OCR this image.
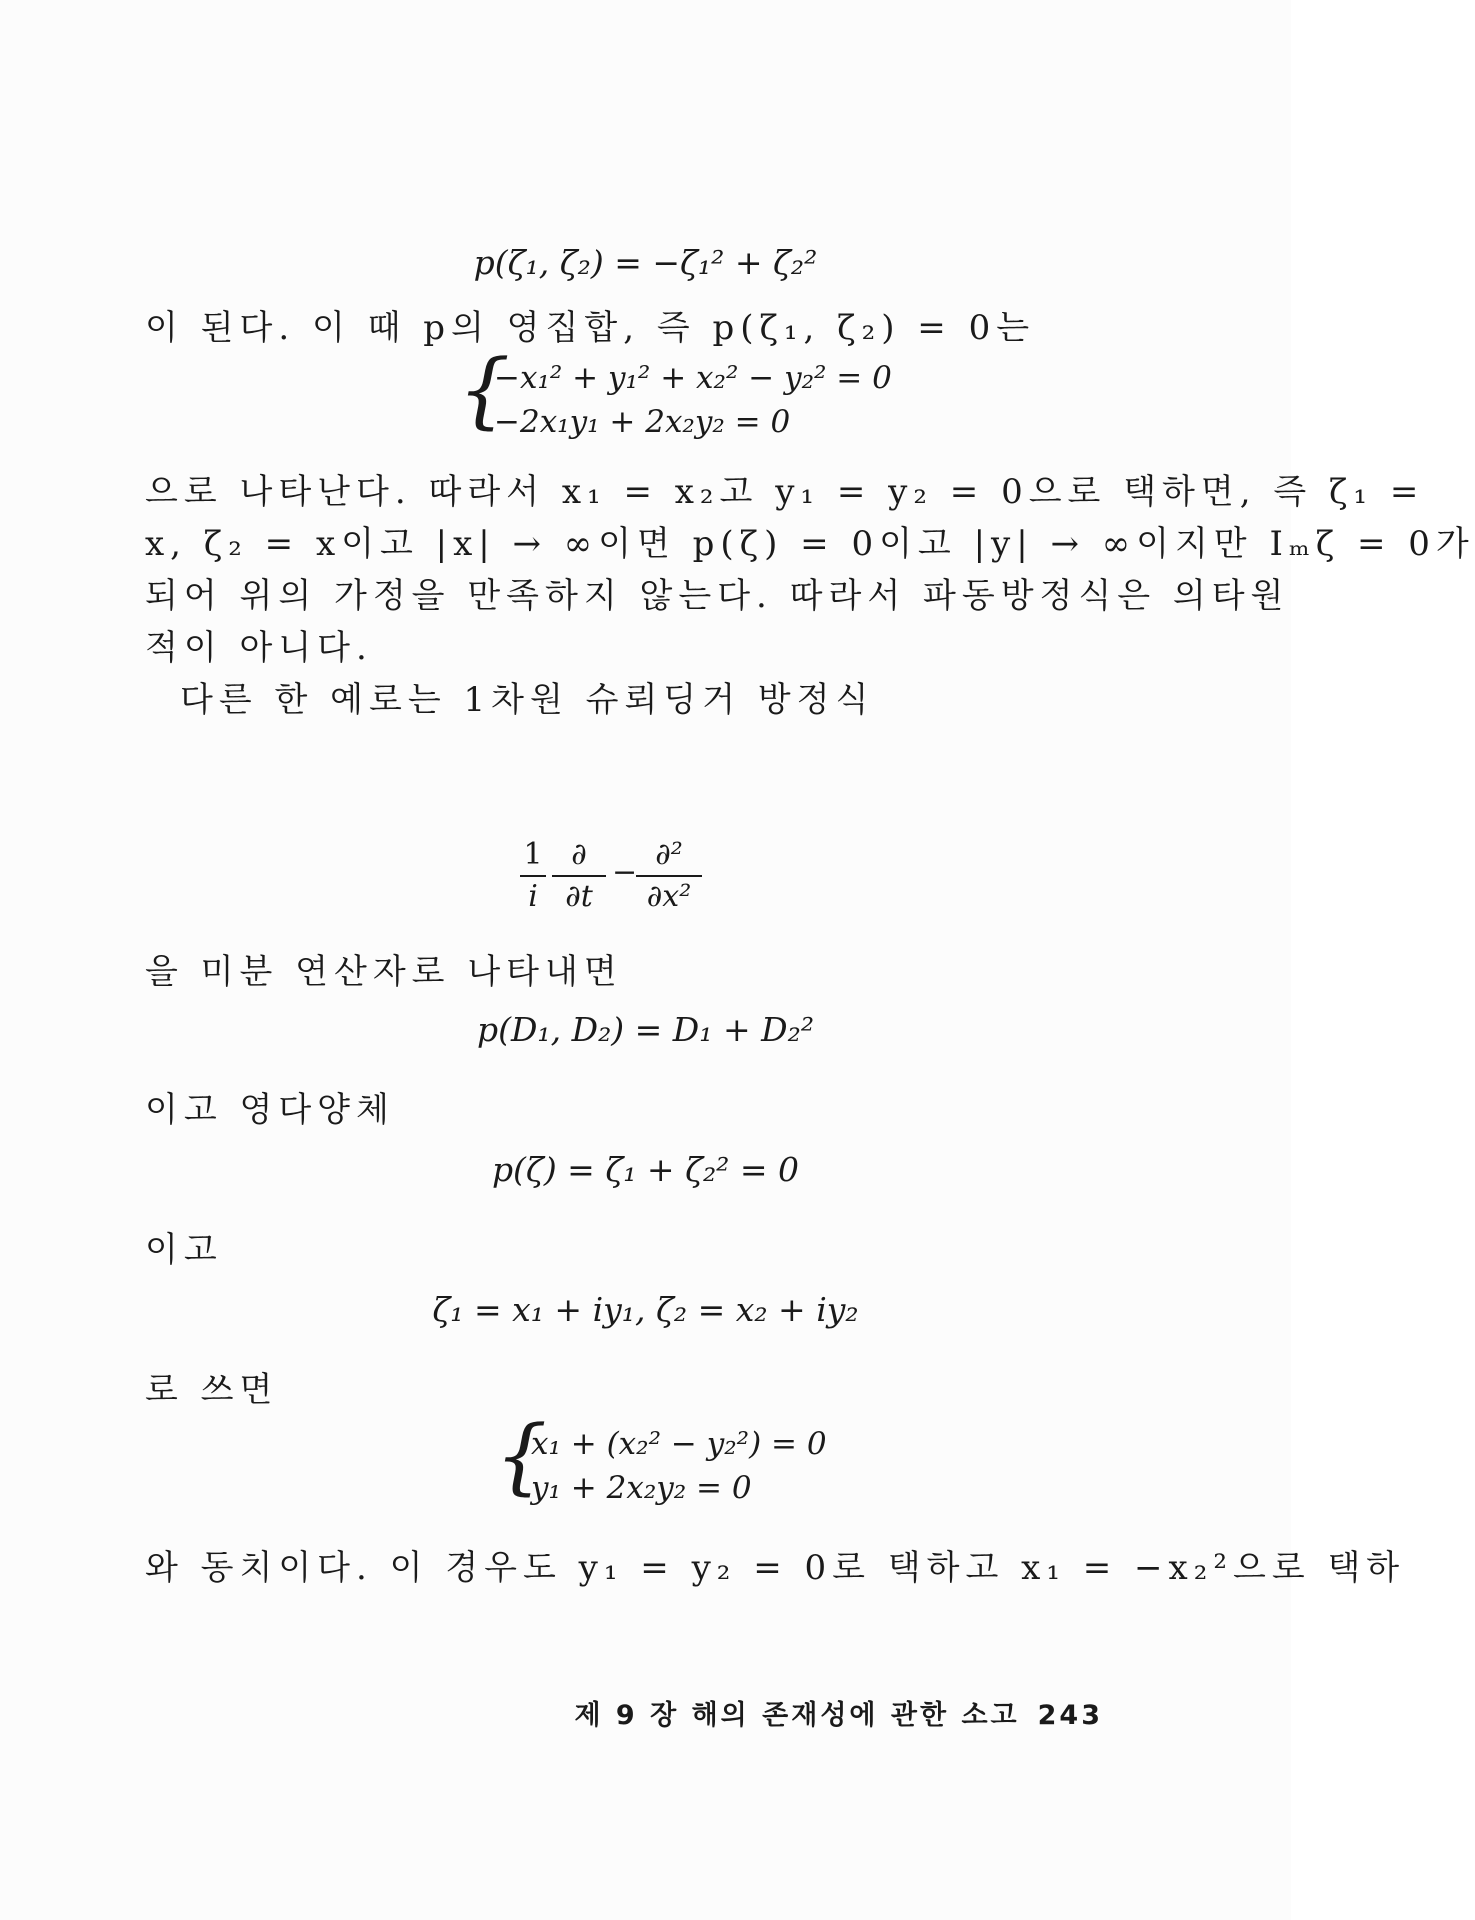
p(ζ₁, ζ₂) = −ζ₁² + ζ₂²
이 된다. 이 때 p의 영집합, 즉 p(ζ₁, ζ₂) = 0는
{
−x₁² + y₁² + x₂² − y₂² = 0
−2x₁y₁ + 2x₂y₂ = 0
으로 나타난다. 따라서 x₁ = x₂고 y₁ = y₂ = 0으로 택하면, 즉 ζ₁ =
x, ζ₂ = x이고 |x| → ∞이면 p(ζ) = 0이고 |y| → ∞이지만 Iₘζ = 0가
되어 위의 가정을 만족하지 않는다. 따라서 파동방정식은 의타원
적이 아니다.
다른 한 예로는 1차원 슈뢰딩거 방정식
1
i
∂
∂t
−
∂²
∂x²
을 미분 연산자로 나타내면
p(D₁, D₂) = D₁ + D₂²
이고 영다양체
p(ζ) = ζ₁ + ζ₂² = 0
이고
ζ₁ = x₁ + iy₁, ζ₂ = x₂ + iy₂
로 쓰면
{
x₁ + (x₂² − y₂²) = 0
y₁ + 2x₂y₂ = 0
와 동치이다. 이 경우도 y₁ = y₂ = 0로 택하고 x₁ = −x₂²으로 택하
제 9 장 해의 존재성에 관한 소고 243
